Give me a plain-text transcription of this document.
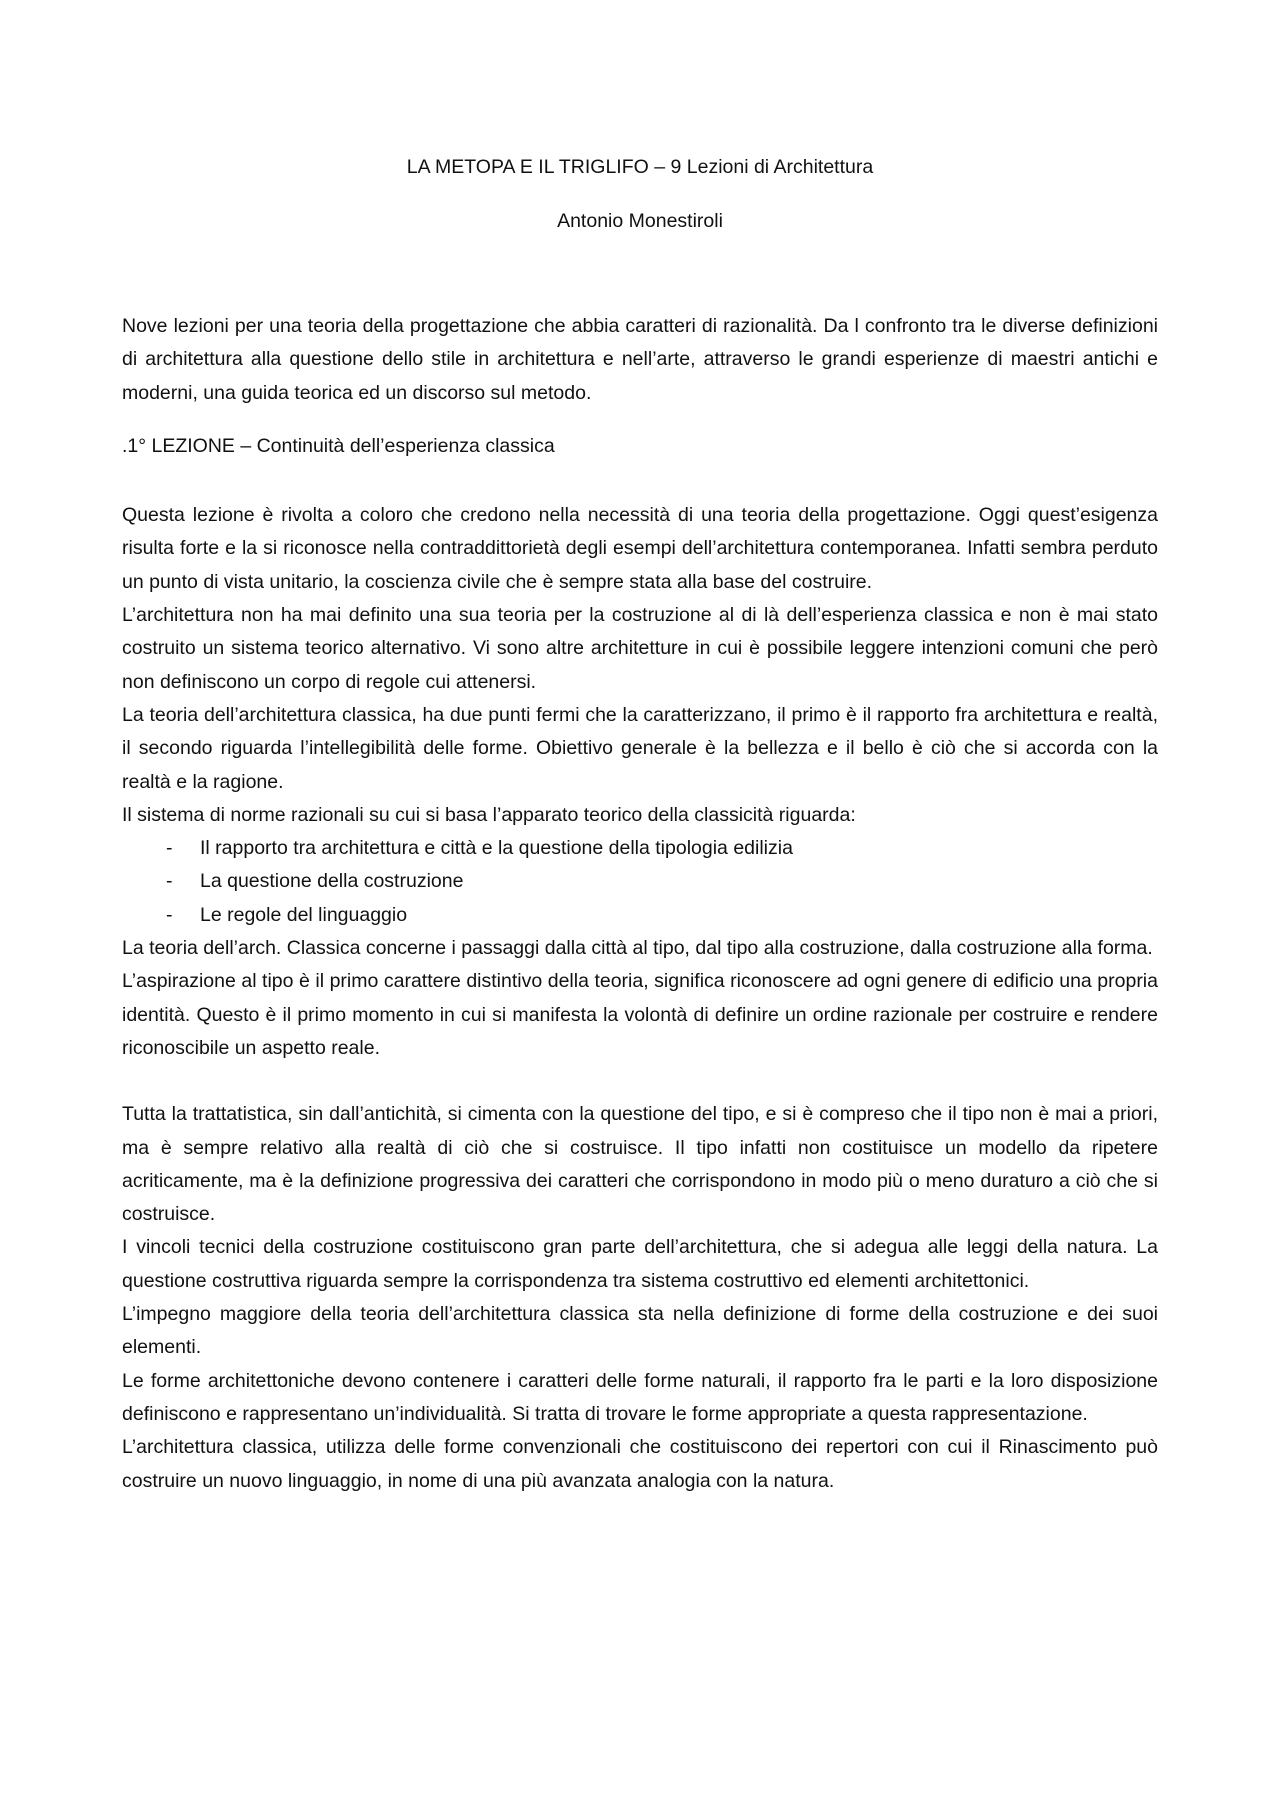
LA METOPA E IL TRIGLIFO – 9 Lezioni di Architettura

Antonio Monestiroli

Nove lezioni per una teoria della progettazione che abbia caratteri di razionalità. Da l confronto tra le diverse definizioni di architettura alla questione dello stile in architettura e nell’arte, attraverso le grandi esperienze di maestri antichi e moderni, una guida teorica ed un discorso sul metodo.

.1° LEZIONE – Continuità dell’esperienza classica

Questa lezione è rivolta a coloro che credono nella necessità di una teoria della progettazione. Oggi quest’esigenza risulta forte e la si riconosce nella contraddittorietà degli esempi dell’architettura contemporanea. Infatti sembra perduto un punto di vista unitario, la coscienza civile che è sempre stata alla base del costruire.

L’architettura non ha mai definito una sua teoria per la costruzione al di là dell’esperienza classica e non è mai stato costruito un sistema teorico alternativo. Vi sono altre architetture in cui è possibile leggere intenzioni comuni che però non definiscono un corpo di regole cui attenersi.

La teoria dell’architettura classica, ha due punti fermi che la caratterizzano, il primo è il rapporto fra architettura e realtà, il secondo riguarda l’intellegibilità delle forme. Obiettivo generale è la bellezza e il bello è ciò che si accorda con la realtà e la ragione.

Il sistema di norme razionali su cui si basa l’apparato teorico della classicità riguarda:

- Il rapporto tra architettura e città e la questione della tipologia edilizia
- La questione della costruzione
- Le regole del linguaggio

La teoria dell’arch. Classica concerne i passaggi dalla città al tipo, dal tipo alla costruzione, dalla costruzione alla forma.

L’aspirazione al tipo è il primo carattere distintivo della teoria, significa riconoscere ad ogni genere di edificio una propria identità. Questo è il primo momento in cui si manifesta la volontà di definire un ordine razionale per costruire e rendere riconoscibile un aspetto reale.

Tutta la trattatistica, sin dall’antichità, si cimenta con la questione del tipo, e si è compreso che il tipo non è mai a priori, ma è sempre relativo alla realtà di ciò che si costruisce. Il tipo infatti non costituisce un modello da ripetere acriticamente, ma è la definizione progressiva dei caratteri che corrispondono in modo più o meno duraturo a ciò che si costruisce.

I vincoli tecnici della costruzione costituiscono gran parte dell’architettura, che si adegua alle leggi della natura. La questione costruttiva riguarda sempre la corrispondenza tra sistema costruttivo ed elementi architettonici.

L’impegno maggiore della teoria dell’architettura classica sta nella definizione di forme della costruzione e dei suoi elementi.

Le forme architettoniche devono contenere i caratteri delle forme naturali, il rapporto fra le parti e la loro disposizione definiscono e rappresentano un’individualità. Si tratta di trovare le forme appropriate a questa rappresentazione.

L’architettura classica, utilizza delle forme convenzionali che costituiscono dei repertori con cui il Rinascimento può costruire un nuovo linguaggio, in nome di una più avanzata analogia con la natura.
